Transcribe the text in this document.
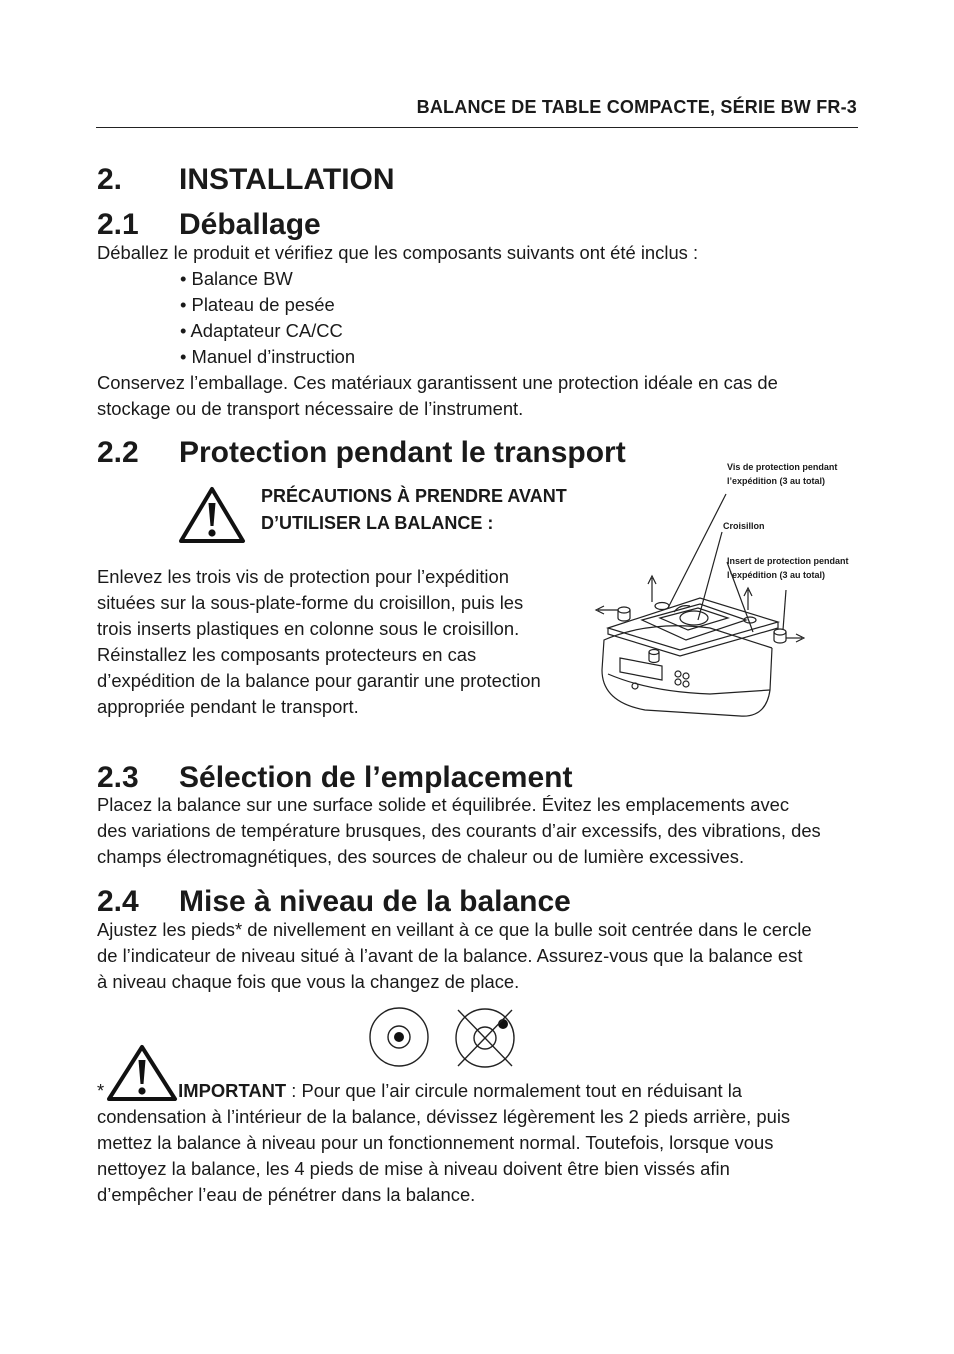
BALANCE DE TABLE COMPACTE, SÉRIE BW FR-3
2. INSTALLATION
2.1 Déballage

Déballez le produit et vérifiez que les composants suivants ont été inclus :

• Balance BW
• Plateau de pesée
• Adaptateur CA/CC
• Manuel d’instruction

Conservez l’emballage. Ces matériaux garantissent une protection idéale en cas de

stockage ou de transport nécessaire de l’instrument.

2.2 Protection pendant le transport
PRÉCAUTIONS À PRENDRE AVANT
D’UTILISER LA BALANCE :

Enlevez les trois vis de protection pour l’expédition

situées sur la sous-plate-forme du croisillon, puis les

trois inserts plastiques en colonne sous le croisillon.

Réinstallez les composants protecteurs en cas

d’expédition de la balance pour garantir une protection

appropriée pendant le transport.

Vis de protection pendant
l’expédition (3 au total)
Croisillon
Insert de protection pendant
l’expédition (3 au total)
2.3 Sélection de l’emplacement

Placez la balance sur une surface solide et équilibrée. Évitez les emplacements avec

des variations de température brusques, des courants d’air excessifs, des vibrations, des

champs électromagnétiques, des sources de chaleur ou de lumière excessives.

2.4 Mise à niveau de la balance

Ajustez les pieds* de nivellement en veillant à ce que la bulle soit centrée dans le cercle

de l’indicateur de niveau situé à l’avant de la balance. Assurez-vous que la balance est

à niveau chaque fois que vous la changez de place.

*	IMPORTANT : Pour que l’air circule normalement tout en réduisant la

condensation à l’intérieur de la balance, dévissez légèrement les 2 pieds arrière, puis

mettez la balance à niveau pour un fonctionnement normal. Toutefois, lorsque vous

nettoyez la balance, les 4 pieds de mise à niveau doivent être bien vissés afin

d’empêcher l’eau de pénétrer dans la balance.
